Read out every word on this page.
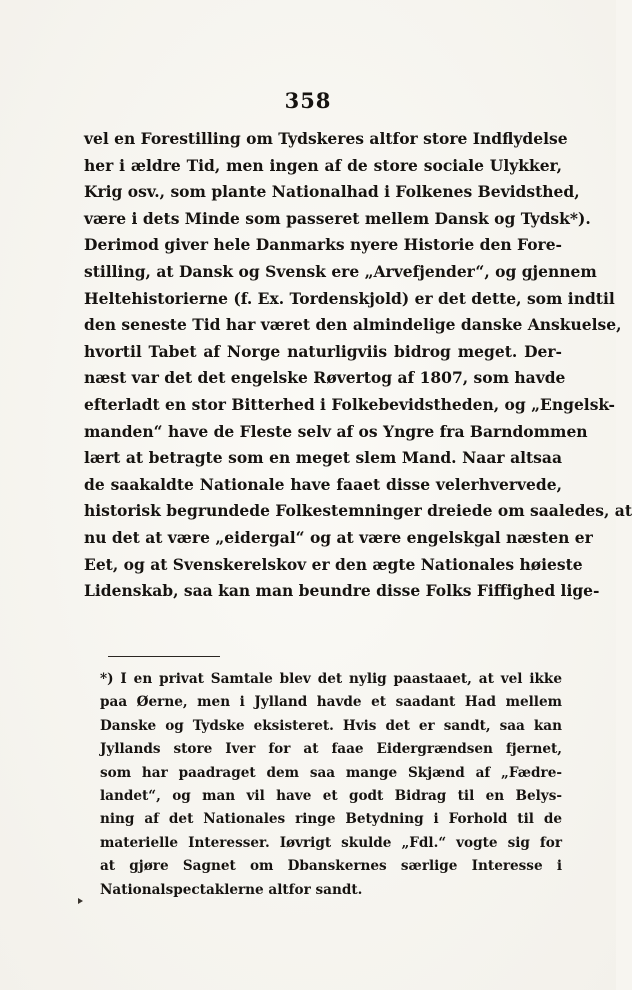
358
vel en Forestilling om Tydskeres altfor store Indflydelse
her i ældre Tid, men ingen af de store sociale Ulykker,
Krig osv., som plante Nationalhad i Folkenes Bevidsthed,
være i dets Minde som passeret mellem Dansk og Tydsk*).
Derimod giver hele Danmarks nyere Historie den Fore-
stilling, at Dansk og Svensk ere „Arvefjender“, og gjennem
Heltehistorierne (f. Ex. Tordenskjold) er det dette, som indtil
den seneste Tid har været den almindelige danske Anskuelse,
hvortil Tabet af Norge naturligviis bidrog meget. Der-
næst var det det engelske Røvertog af 1807, som havde
efterladt en stor Bitterhed i Folkebevidstheden, og „Engelsk-
manden“ have de Fleste selv af os Yngre fra Barndommen
lært at betragte som en meget slem Mand. Naar altsaa
de saakaldte Nationale have faaet disse velerhvervede,
historisk begrundede Folkestemninger dreiede om saaledes, at
nu det at være „eidergal“ og at være engelskgal næsten er
Eet, og at Svenskerelskov er den ægte Nationales høieste
Lidenskab, saa kan man beundre disse Folks Fiffighed lige-
*) I en privat Samtale blev det nylig paastaaet, at vel ikke
paa Øerne, men i Jylland havde et saadant Had mellem
Danske og Tydske eksisteret. Hvis det er sandt, saa kan
Jyllands store Iver for at faae Eidergrændsen fjernet,
som har paadraget dem saa mange Skjænd af „Fædre-
landet“, og man vil have et godt Bidrag til en Belys-
ning af det Nationales ringe Betydning i Forhold til de
materielle Interesser. Iøvrigt skulde „Fdl.“ vogte sig for
at gjøre Sagnet om Dbanskernes særlige Interesse i
Nationalspectaklerne altfor sandt.
